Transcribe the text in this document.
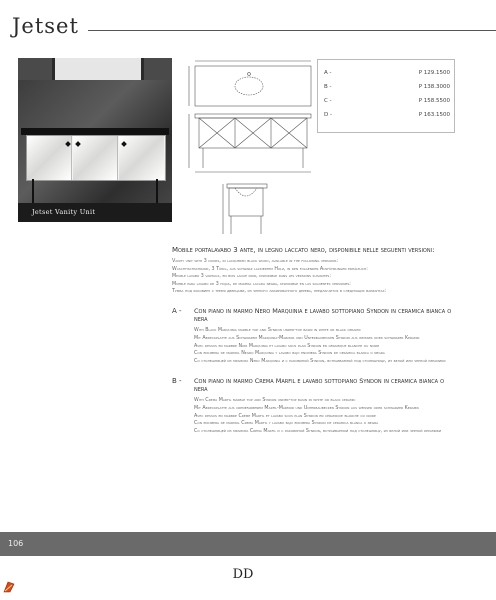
Jetset
Jetset Vanity Unit
A -	P 129.1500
B -	P 138.3000
C -	P 158.5500
D -	P 163.1500
Mobile portalavabo 3 ante, in legno laccato nero, disponibile nelle seguenti versioni:
Vanity unit with 3 doors, in lacquered black wood, available in the following versions:
Waschtischschrank, 3 Türig, aus schwarz lackiertem Holz, in den folgenden Ausführungen erhältlich:
Meuble lavabo 3 vantaux, en bois laqué noir, disponible dans les versions suivantes:
Mueble para lavabo de 3 hojas, de madera lacada negra, disponible en las siguientes versiones:
Тумба под раковину с тремя дверцами, из черного лакированного дерева, предлагается в следующих вариантах:
A - Con piano in marmo Nero Marquinia e lavabo sottopiano Syndon in ceramica bianca o nera
With Black Marquinia marble top and Syndon under-top basin in white or black ceramic
Mit Abdeckplatte aus Schwarzem Marquinia-Marmor und Unterbaubecken Syndon aus weißer oder schwarzer Keramik
Avec dessus en marbre Noir Marquinia et lavabo sous plan Syndon en céramique blanche ou noire
Con encimera de mármol Negro Marquinia y lavabo bajo encimera Syndon de cerámica blanca o negra
Со столешницей из мрамора Nero Marquinia и с раковиной Syndon, встраиваемой под столешницу, из белой или черной керамики
B - Con piano in marmo Crema Marfil e lavabo sottopiano Syndon in ceramica bianca o nera
With Crema Marfil marble top and Syndon under-top basin in white or black ceramic
Mit Abdeckplatte aus cremefarbenem Marfil-Marmor und Unterbaubecken Syndon aus weißer oder schwarzer Keramik
Avec dessus en marbre Crème Marfil et lavabo sous plan Syndon en céramique blanche ou noire
Con encimera de mármol Crema Marfil y lavabo bajo encimera Syndon de cerámica blanca o negra
Со столешницей из мрамора Crema Marfil и с раковиной Syndon, встраиваемой под столешницу, из белой или черной керамики
106
DD
